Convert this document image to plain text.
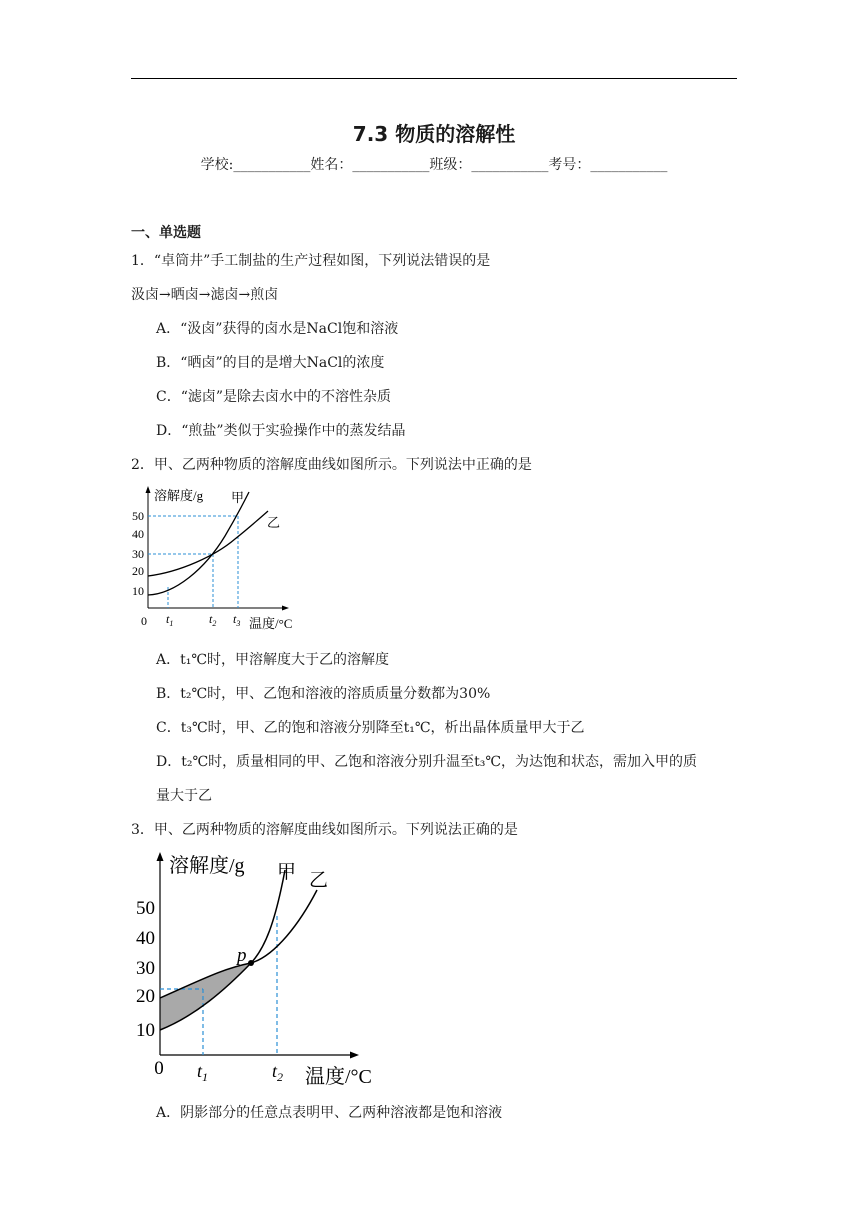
7.3 物质的溶解性
学校:___________姓名：___________班级：___________考号：___________
一、单选题
1．“卓筒井”手工制盐的生产过程如图，下列说法错误的是
汲卤→晒卤→滤卤→煎卤
A．“汲卤”获得的卤水是NaCl饱和溶液
B．“晒卤”的目的是增大NaCl的浓度
C．“滤卤”是除去卤水中的不溶性杂质
D．“煎盐”类似于实验操作中的蒸发结晶
2．甲、乙两种物质的溶解度曲线如图所示。下列说法中正确的是
溶解度/g
温度/°C
0
10
20
30
40
50
$t_1$	$t_2$ $t_3$
甲
乙
A．t₁℃时，甲溶解度大于乙的溶解度
B．t₂℃时，甲、乙饱和溶液的溶质质量分数都为30%
C．t₃℃时，甲、乙的饱和溶液分别降至t₁℃，析出晶体质量甲大于乙
D．t₂℃时，质量相同的甲、乙饱和溶液分别升温至t₃℃，为达饱和状态，需加入甲的质
量大于乙
3．甲、乙两种物质的溶解度曲线如图所示。下列说法正确的是
溶解度/g
温度/°C
0
10
20
30
40
50
$t_1$	$t_2$
p
甲 乙
A．阴影部分的任意点表明甲、乙两种溶液都是饱和溶液
